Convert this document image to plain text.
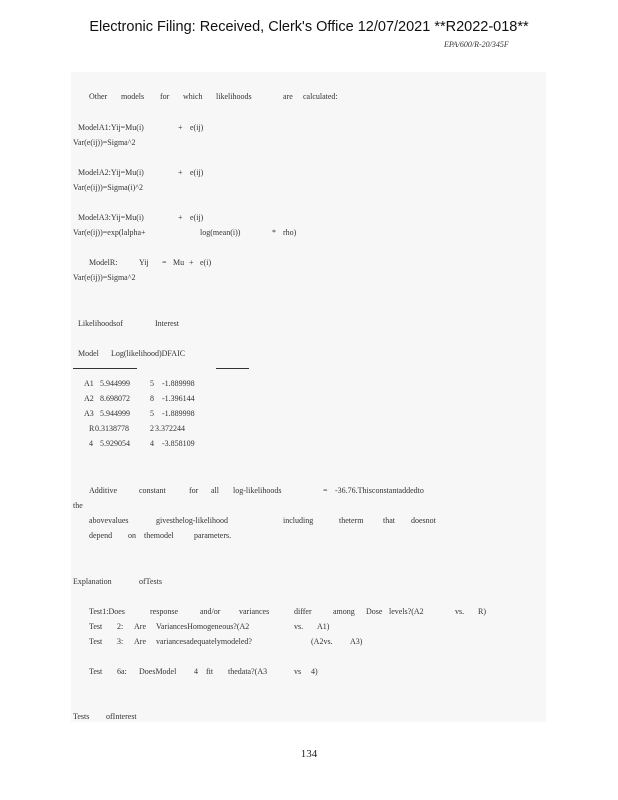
Electronic Filing: Received, Clerk's Office 12/07/2021 **R2022-018**
EPA/600/R-20/345F
Other models for which likelihoods	are calculated:
ModelA1:Yij=Mu(i)	+ e(ij)
Var(e(ij))=Sigma^2
ModelA2:Yij=Mu(i)	+ e(ij)
Var(e(ij))=Sigma(i)^2
ModelA3:Yij=Mu(i)	+ e(ij)
Var(e(ij))=exp(lalpha+	log(mean(i))	* rho)
ModelR:	Yij = Mu + e(i)
Var(e(ij))=Sigma^2
Likelihoodsof	Interest
Model Log(likelihood)DFAIC
A1 5.944999	5 -1.889998
A2 8.698072	8 -1.396144
A3 5.944999	5 -1.889998
R 0.3138778	2 3.372244
4 5.929054	4 -3.858109
Additive	constant	for all log-likelihoods	= -36.76.Thisconstantaddedto
the
abovevalues	givesthelog-likelihood	including	theterm that doesnot
depend on themodel	parameters.
Explanation	ofTests
Test1:Does	response	and/or variances	differ	among Dose levels?(A2	vs. R)
Test 2: Are VariancesHomogeneous?(A2	vs. A1)
Test 3: Are variancesadequatelymodeled?	(A2vs. A3)
Test 6a: DoesModel 4 fit thedata?(A3	vs 4)
Tests ofInterest
134
